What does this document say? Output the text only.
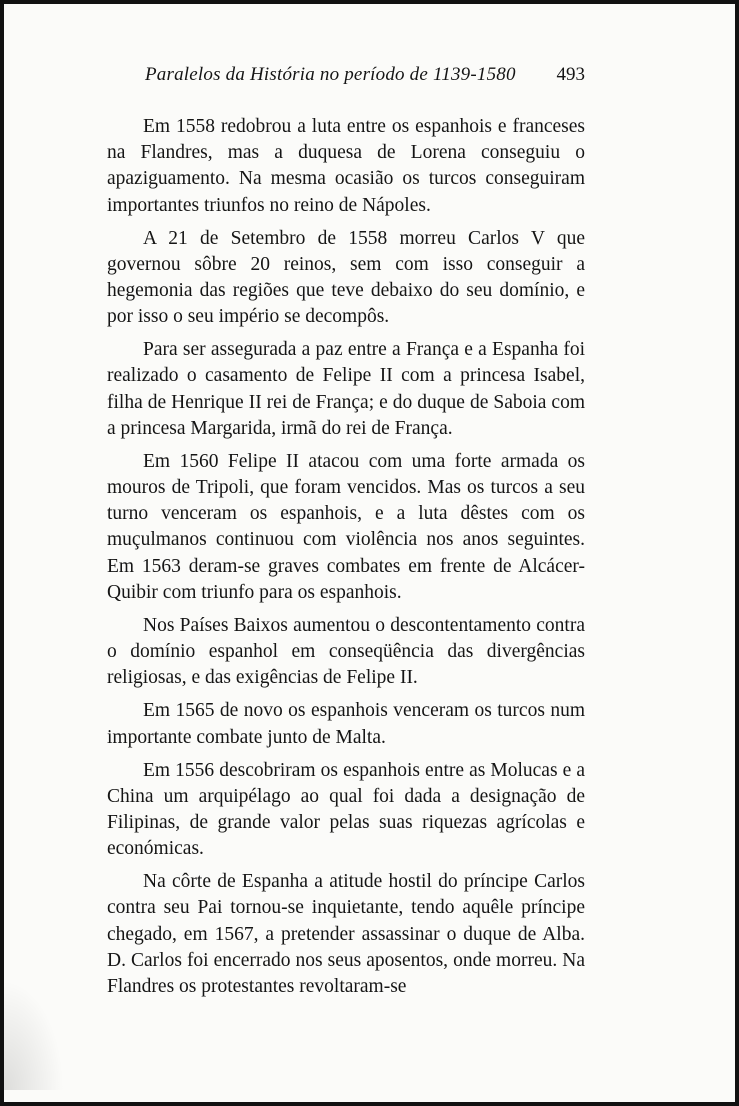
Paralelos da História no período de 1139-1580 493

Em 1558 redobrou a luta entre os espanhois e franceses na Flandres, mas a duquesa de Lorena conseguiu o apaziguamento. Na mesma ocasião os turcos conseguiram importantes triunfos no reino de Nápoles.

A 21 de Setembro de 1558 morreu Carlos V que governou sôbre 20 reinos, sem com isso conseguir a hegemonia das regiões que teve debaixo do seu domínio, e por isso o seu império se decompôs.

Para ser assegurada a paz entre a França e a Espanha foi realizado o casamento de Felipe II com a princesa Isabel, filha de Henrique II rei de França; e do duque de Saboia com a princesa Margarida, irmã do rei de França.

Em 1560 Felipe II atacou com uma forte armada os mouros de Tripoli, que foram vencidos. Mas os turcos a seu turno venceram os espanhois, e a luta dêstes com os muçulmanos continuou com violência nos anos seguintes. Em 1563 deram-se graves combates em frente de Alcácer-Quibir com triunfo para os espanhois.

Nos Países Baixos aumentou o descontentamento contra o domínio espanhol em conseqüência das divergências religiosas, e das exigências de Felipe II.

Em 1565 de novo os espanhois venceram os turcos num importante combate junto de Malta.

Em 1556 descobriram os espanhois entre as Molucas e a China um arquipélago ao qual foi dada a designação de Filipinas, de grande valor pelas suas riquezas agrícolas e económicas.

Na côrte de Espanha a atitude hostil do príncipe Carlos contra seu Pai tornou-se inquietante, tendo aquêle príncipe chegado, em 1567, a pretender assassinar o duque de Alba. D. Carlos foi encerrado nos seus aposentos, onde morreu. Na Flandres os protestantes revoltaram-se
